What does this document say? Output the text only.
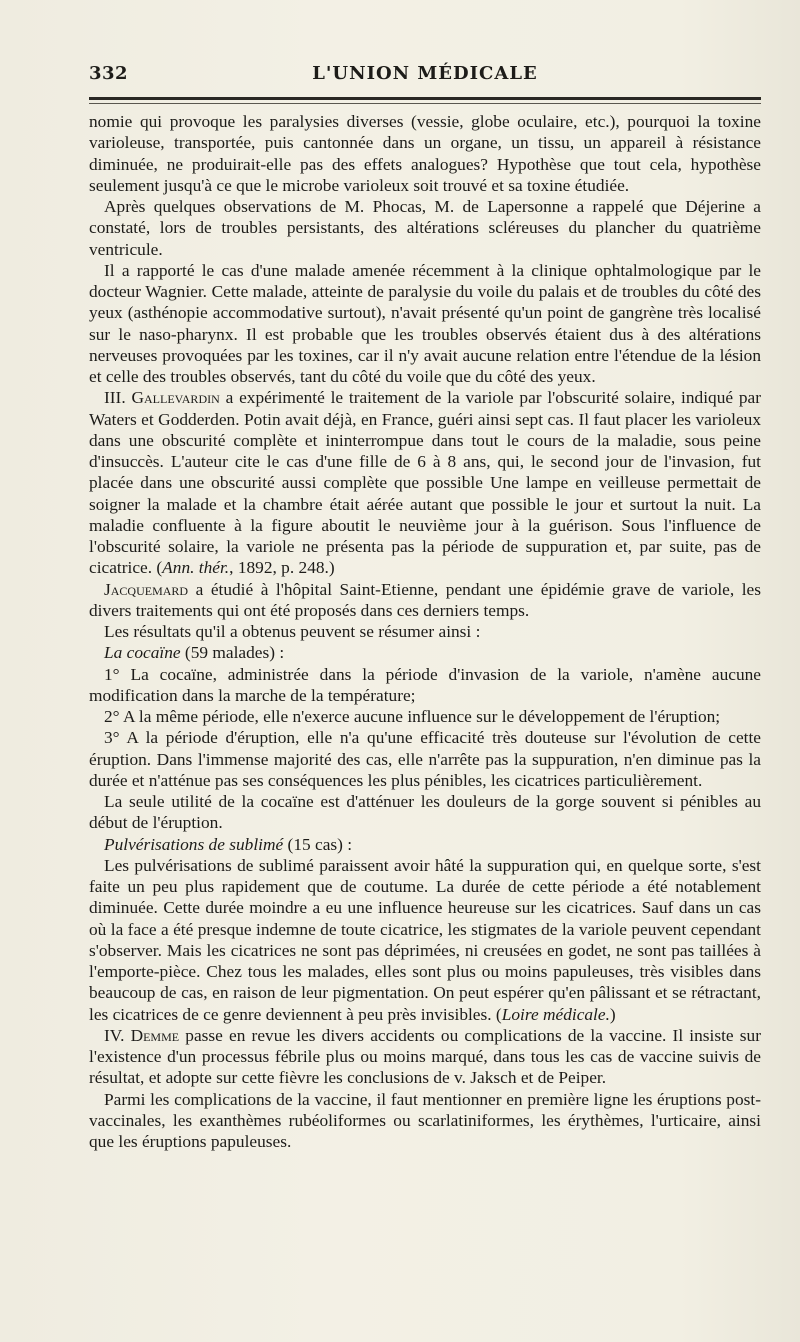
332	L'UNION MÉDICALE

nomie qui provoque les paralysies diverses (vessie, globe oculaire, etc.), pourquoi la toxine varioleuse, transportée, puis cantonnée dans un organe, un tissu, un appareil à résistance diminuée, ne produirait-elle pas des effets analogues? Hypothèse que tout cela, hypothèse seulement jusqu'à ce que le microbe varioleux soit trouvé et sa toxine étudiée.

Après quelques observations de M. Phocas, M. de Lapersonne a rappelé que Déjerine a constaté, lors de troubles persistants, des altérations scléreuses du plancher du quatrième ventricule.

Il a rapporté le cas d'une malade amenée récemment à la clinique ophtalmologique par le docteur Wagnier. Cette malade, atteinte de paralysie du voile du palais et de troubles du côté des yeux (asthénopie accommodative surtout), n'avait présenté qu'un point de gangrène très localisé sur le naso-pharynx. Il est probable que les troubles observés étaient dus à des altérations nerveuses provoquées par les toxines, car il n'y avait aucune relation entre l'étendue de la lésion et celle des troubles observés, tant du côté du voile que du côté des yeux.

III. Gallevardin a expérimenté le traitement de la variole par l'obscurité solaire, indiqué par Waters et Godderden. Potin avait déjà, en France, guéri ainsi sept cas. Il faut placer les varioleux dans une obscurité complète et ininterrompue dans tout le cours de la maladie, sous peine d'insuccès. L'auteur cite le cas d'une fille de 6 à 8 ans, qui, le second jour de l'invasion, fut placée dans une obscurité aussi complète que possible Une lampe en veilleuse permettait de soigner la malade et la chambre était aérée autant que possible le jour et surtout la nuit. La maladie confluente à la figure aboutit le neuvième jour à la guérison. Sous l'influence de l'obscurité solaire, la variole ne présenta pas la période de suppuration et, par suite, pas de cicatrice. (Ann. thér., 1892, p. 248.)

Jacquemard a étudié à l'hôpital Saint-Etienne, pendant une épidémie grave de variole, les divers traitements qui ont été proposés dans ces derniers temps.

Les résultats qu'il a obtenus peuvent se résumer ainsi :

La cocaïne (59 malades) :

1° La cocaïne, administrée dans la période d'invasion de la variole, n'amène aucune modification dans la marche de la température;

2° A la même période, elle n'exerce aucune influence sur le développement de l'éruption;

3° A la période d'éruption, elle n'a qu'une efficacité très douteuse sur l'évolution de cette éruption. Dans l'immense majorité des cas, elle n'arrête pas la suppuration, n'en diminue pas la durée et n'atténue pas ses conséquences les plus pénibles, les cicatrices particulièrement.

La seule utilité de la cocaïne est d'atténuer les douleurs de la gorge souvent si pénibles au début de l'éruption.

Pulvérisations de sublimé (15 cas) :

Les pulvérisations de sublimé paraissent avoir hâté la suppuration qui, en quelque sorte, s'est faite un peu plus rapidement que de coutume. La durée de cette période a été notablement diminuée. Cette durée moindre a eu une influence heureuse sur les cicatrices. Sauf dans un cas où la face a été presque indemne de toute cicatrice, les stigmates de la variole peuvent cependant s'observer. Mais les cicatrices ne sont pas déprimées, ni creusées en godet, ne sont pas taillées à l'emporte-pièce. Chez tous les malades, elles sont plus ou moins papuleuses, très visibles dans beaucoup de cas, en raison de leur pigmentation. On peut espérer qu'en pâlissant et se rétractant, les cicatrices de ce genre deviennent à peu près invisibles. (Loire médicale.)

IV. Demme passe en revue les divers accidents ou complications de la vaccine. Il insiste sur l'existence d'un processus fébrile plus ou moins marqué, dans tous les cas de vaccine suivis de résultat, et adopte sur cette fièvre les conclusions de v. Jaksch et de Peiper.

Parmi les complications de la vaccine, il faut mentionner en première ligne les éruptions post-vaccinales, les exanthèmes rubéoliformes ou scarlatiniformes, les érythèmes, l'urticaire, ainsi que les éruptions papuleuses.
